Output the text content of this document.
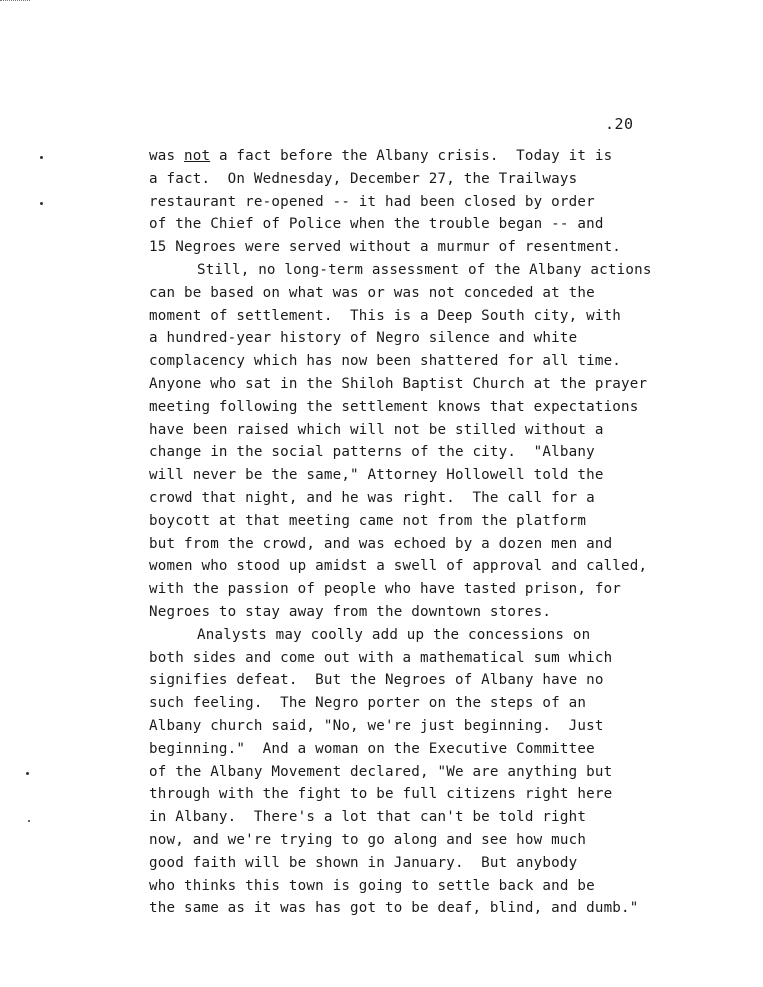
.20
was not a fact before the Albany crisis.  Today it is
a fact.  On Wednesday, December 27, the Trailways
restaurant re-opened -- it had been closed by order
of the Chief of Police when the trouble began -- and
15 Negroes were served without a murmur of resentment.
Still, no long-term assessment of the Albany actions
can be based on what was or was not conceded at the
moment of settlement.  This is a Deep South city, with
a hundred-year history of Negro silence and white
complacency which has now been shattered for all time.
Anyone who sat in the Shiloh Baptist Church at the prayer
meeting following the settlement knows that expectations
have been raised which will not be stilled without a
change in the social patterns of the city.  "Albany
will never be the same," Attorney Hollowell told the
crowd that night, and he was right.  The call for a
boycott at that meeting came not from the platform
but from the crowd, and was echoed by a dozen men and
women who stood up amidst a swell of approval and called,
with the passion of people who have tasted prison, for
Negroes to stay away from the downtown stores.
Analysts may coolly add up the concessions on
both sides and come out with a mathematical sum which
signifies defeat.  But the Negroes of Albany have no
such feeling.  The Negro porter on the steps of an
Albany church said, "No, we're just beginning.  Just
beginning."  And a woman on the Executive Committee
of the Albany Movement declared, "We are anything but
through with the fight to be full citizens right here
in Albany.  There's a lot that can't be told right
now, and we're trying to go along and see how much
good faith will be shown in January.  But anybody
who thinks this town is going to settle back and be
the same as it was has got to be deaf, blind, and dumb."
